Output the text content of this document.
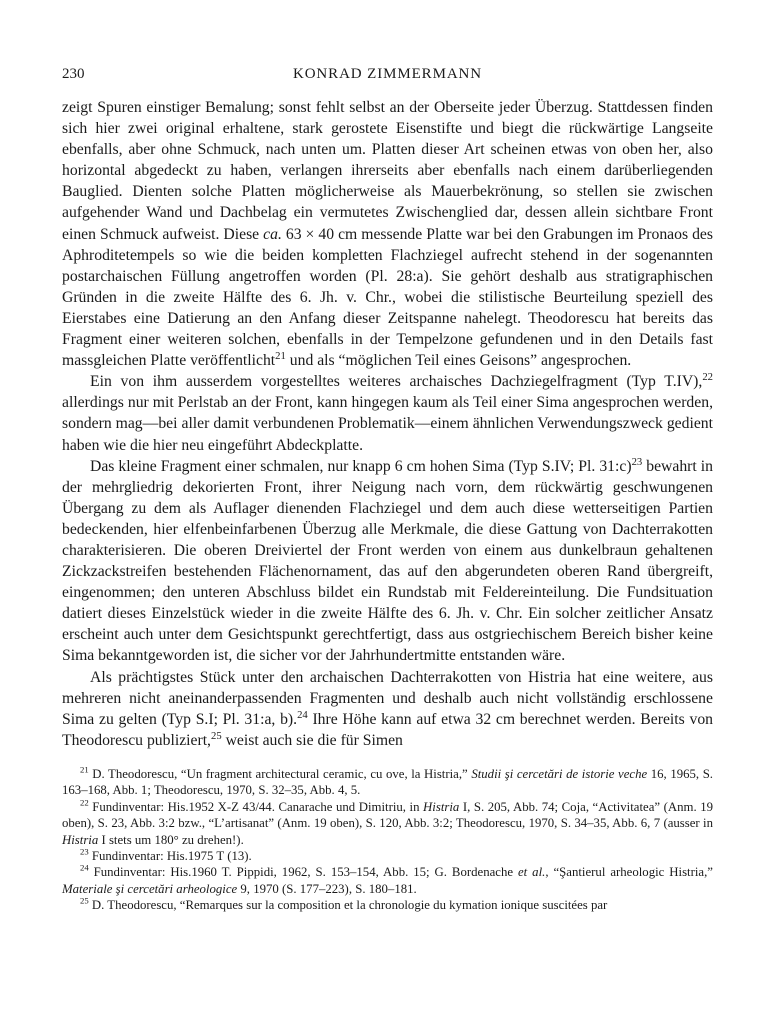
230	KONRAD ZIMMERMANN

zeigt Spuren einstiger Bemalung; sonst fehlt selbst an der Oberseite jeder Überzug. Stattdessen finden sich hier zwei original erhaltene, stark gerostete Eisenstifte und biegt die rückwärtige Langseite ebenfalls, aber ohne Schmuck, nach unten um. Platten dieser Art scheinen etwas von oben her, also horizontal abgedeckt zu haben, verlangen ihrerseits aber ebenfalls nach einem darüberliegenden Bauglied. Dienten solche Platten möglicherweise als Mauerbekrönung, so stellen sie zwischen aufgehender Wand und Dachbelag ein vermutetes Zwischenglied dar, dessen allein sichtbare Front einen Schmuck aufweist. Diese ca. 63 × 40 cm messende Platte war bei den Grabungen im Pronaos des Aphroditetempels so wie die beiden kompletten Flachziegel aufrecht stehend in der sogenannten postarchaischen Füllung angetroffen worden (Pl. 28:a). Sie gehört deshalb aus stratigraphischen Gründen in die zweite Hälfte des 6. Jh. v. Chr., wobei die stilistische Beurteilung speziell des Eierstabes eine Datierung an den Anfang dieser Zeitspanne nahelegt. Theodorescu hat bereits das Fragment einer weiteren solchen, ebenfalls in der Tempelzone gefundenen und in den Details fast massgleichen Platte veröffentlicht$^{21}$ und als “möglichen Teil eines Geisons” angesprochen.

Ein von ihm ausserdem vorgestelltes weiteres archaisches Dachziegelfragment (Typ T.IV),$^{22}$ allerdings nur mit Perlstab an der Front, kann hingegen kaum als Teil einer Sima angesprochen werden, sondern mag—bei aller damit verbundenen Problematik—einem ähnlichen Verwendungszweck gedient haben wie die hier neu eingeführt Abdeckplatte.

Das kleine Fragment einer schmalen, nur knapp 6 cm hohen Sima (Typ S.IV; Pl. 31:c)$^{23}$ bewahrt in der mehrgliedrig dekorierten Front, ihrer Neigung nach vorn, dem rückwärtig geschwungenen Übergang zu dem als Auflager dienenden Flachziegel und dem auch diese wetterseitigen Partien bedeckenden, hier elfenbeinfarbenen Überzug alle Merkmale, die diese Gattung von Dachterrakotten charakterisieren. Die oberen Dreiviertel der Front werden von einem aus dunkelbraun gehaltenen Zickzackstreifen bestehenden Flächenornament, das auf den abgerundeten oberen Rand übergreift, eingenommen; den unteren Abschluss bildet ein Rundstab mit Feldereinteilung. Die Fundsituation datiert dieses Einzelstück wieder in die zweite Hälfte des 6. Jh. v. Chr. Ein solcher zeitlicher Ansatz erscheint auch unter dem Gesichtspunkt gerechtfertigt, dass aus ostgriechischem Bereich bisher keine Sima bekanntgeworden ist, die sicher vor der Jahrhundertmitte entstanden wäre.

Als prächtigstes Stück unter den archaischen Dachterrakotten von Histria hat eine weitere, aus mehreren nicht aneinanderpassenden Fragmenten und deshalb auch nicht vollständig erschlossene Sima zu gelten (Typ S.I; Pl. 31:a, b).$^{24}$ Ihre Höhe kann auf etwa 32 cm berechnet werden. Bereits von Theodorescu publiziert,$^{25}$ weist auch sie die für Simen

$^{21}$ D. Theodorescu, “Un fragment architectural ceramic, cu ove, la Histria,” Studii şi cercetări de istorie veche 16, 1965, S. 163–168, Abb. 1; Theodorescu, 1970, S. 32–35, Abb. 4, 5.

$^{22}$ Fundinventar: His.1952 X-Z 43/44. Canarache und Dimitriu, in Histria I, S. 205, Abb. 74; Coja, “Activitatea” (Anm. 19 oben), S. 23, Abb. 3:2 bzw., “L’artisanat” (Anm. 19 oben), S. 120, Abb. 3:2; Theodorescu, 1970, S. 34–35, Abb. 6, 7 (ausser in Histria I stets um 180° zu drehen!).

$^{23}$ Fundinventar: His.1975 T (13).

$^{24}$ Fundinventar: His.1960 T. Pippidi, 1962, S. 153–154, Abb. 15; G. Bordenache et al., “Şantierul arheologic Histria,” Materiale şi cercetări arheologice 9, 1970 (S. 177–223), S. 180–181.

$^{25}$ D. Theodorescu, “Remarques sur la composition et la chronologie du kymation ionique suscitées par
